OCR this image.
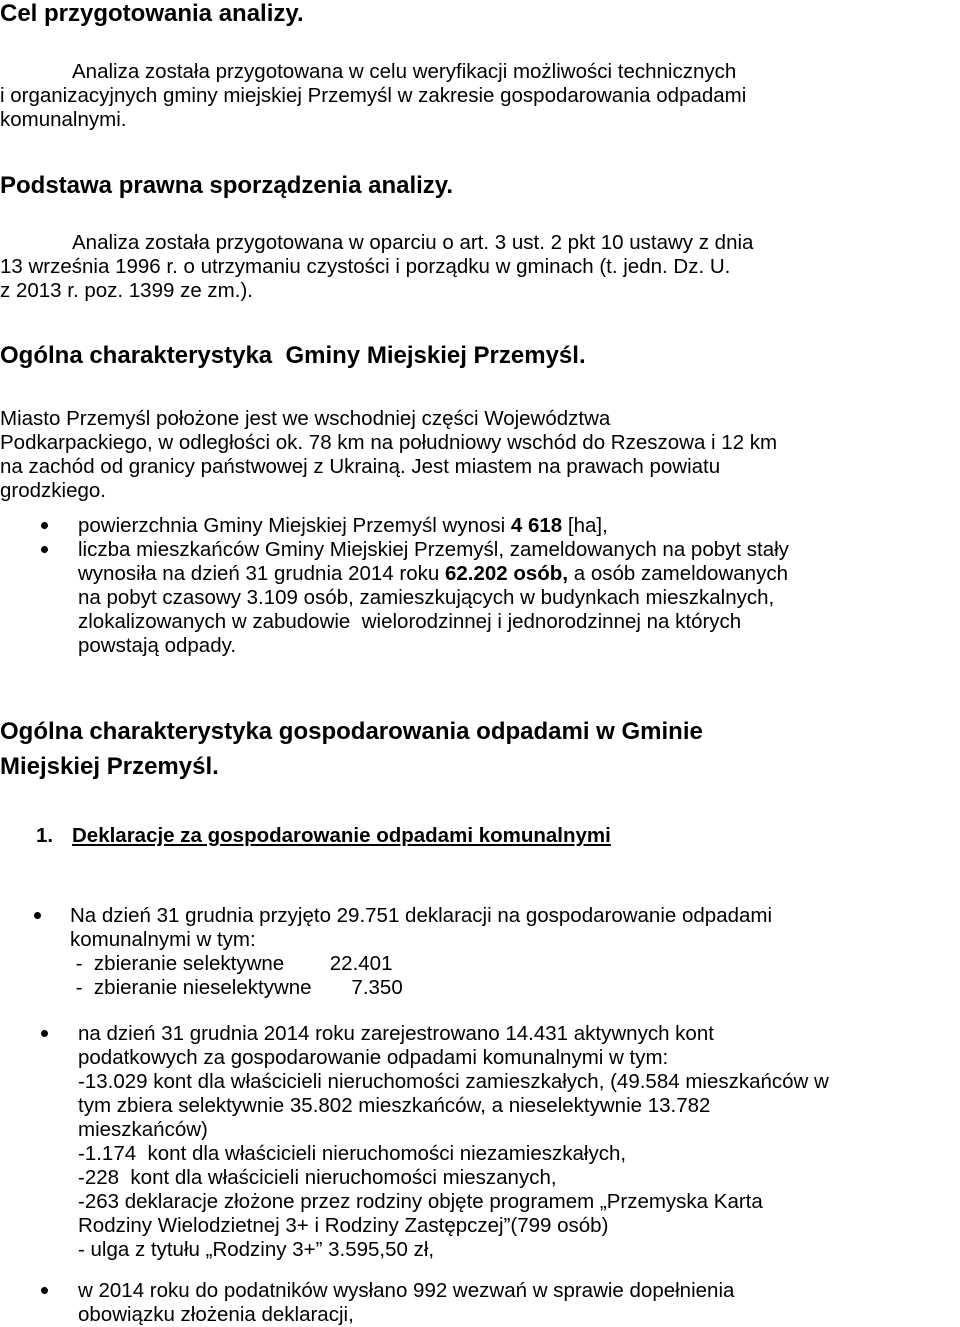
Cel przygotowania analizy.
Analiza została przygotowana w celu weryfikacji możliwości technicznych
i organizacyjnych gminy miejskiej Przemyśl w zakresie gospodarowania odpadami
komunalnymi.
Podstawa prawna sporządzenia analizy.
Analiza została przygotowana w oparciu o art. 3 ust. 2 pkt 10 ustawy z dnia
13 września 1996 r. o utrzymaniu czystości i porządku w gminach (t. jedn. Dz. U.
z 2013 r. poz. 1399 ze zm.).
Ogólna charakterystyka  Gminy Miejskiej Przemyśl.
Miasto Przemyśl położone jest we wschodniej części Województwa
Podkarpackiego, w odległości ok. 78 km na południowy wschód do Rzeszowa i 12 km
na zachód od granicy państwowej z Ukrainą. Jest miastem na prawach powiatu
grodzkiego.
powierzchnia Gminy Miejskiej Przemyśl wynosi 4 618 [ha],
liczba mieszkańców Gminy Miejskiej Przemyśl, zameldowanych na pobyt stały
wynosiła na dzień 31 grudnia 2014 roku 62.202 osób, a osób zameldowanych
na pobyt czasowy 3.109 osób, zamieszkujących w budynkach mieszkalnych,
zlokalizowanych w zabudowie  wielorodzinnej i jednorodzinnej na których
powstają odpady.
Ogólna charakterystyka gospodarowania odpadami w Gminie
Miejskiej Przemyśl.
1. Deklaracje za gospodarowanie odpadami komunalnymi
Na dzień 31 grudnia przyjęto 29.751 deklaracji na gospodarowanie odpadami
komunalnymi w tym:
-  zbieranie selektywne        22.401
-  zbieranie nieselektywne       7.350
na dzień 31 grudnia 2014 roku zarejestrowano 14.431 aktywnych kont
podatkowych za gospodarowanie odpadami komunalnymi w tym:
-13.029 kont dla właścicieli nieruchomości zamieszkałych, (49.584 mieszkańców w
tym zbiera selektywnie 35.802 mieszkańców, a nieselektywnie 13.782
mieszkańców)
-1.174  kont dla właścicieli nieruchomości niezamieszkałych,
-228  kont dla właścicieli nieruchomości mieszanych,
-263 deklaracje złożone przez rodziny objęte programem „Przemyska Karta
Rodziny Wielodzietnej 3+ i Rodziny Zastępczej”(799 osób)
- ulga z tytułu „Rodziny 3+” 3.595,50 zł,
w 2014 roku do podatników wysłano 992 wezwań w sprawie dopełnienia
obowiązku złożenia deklaracji,
